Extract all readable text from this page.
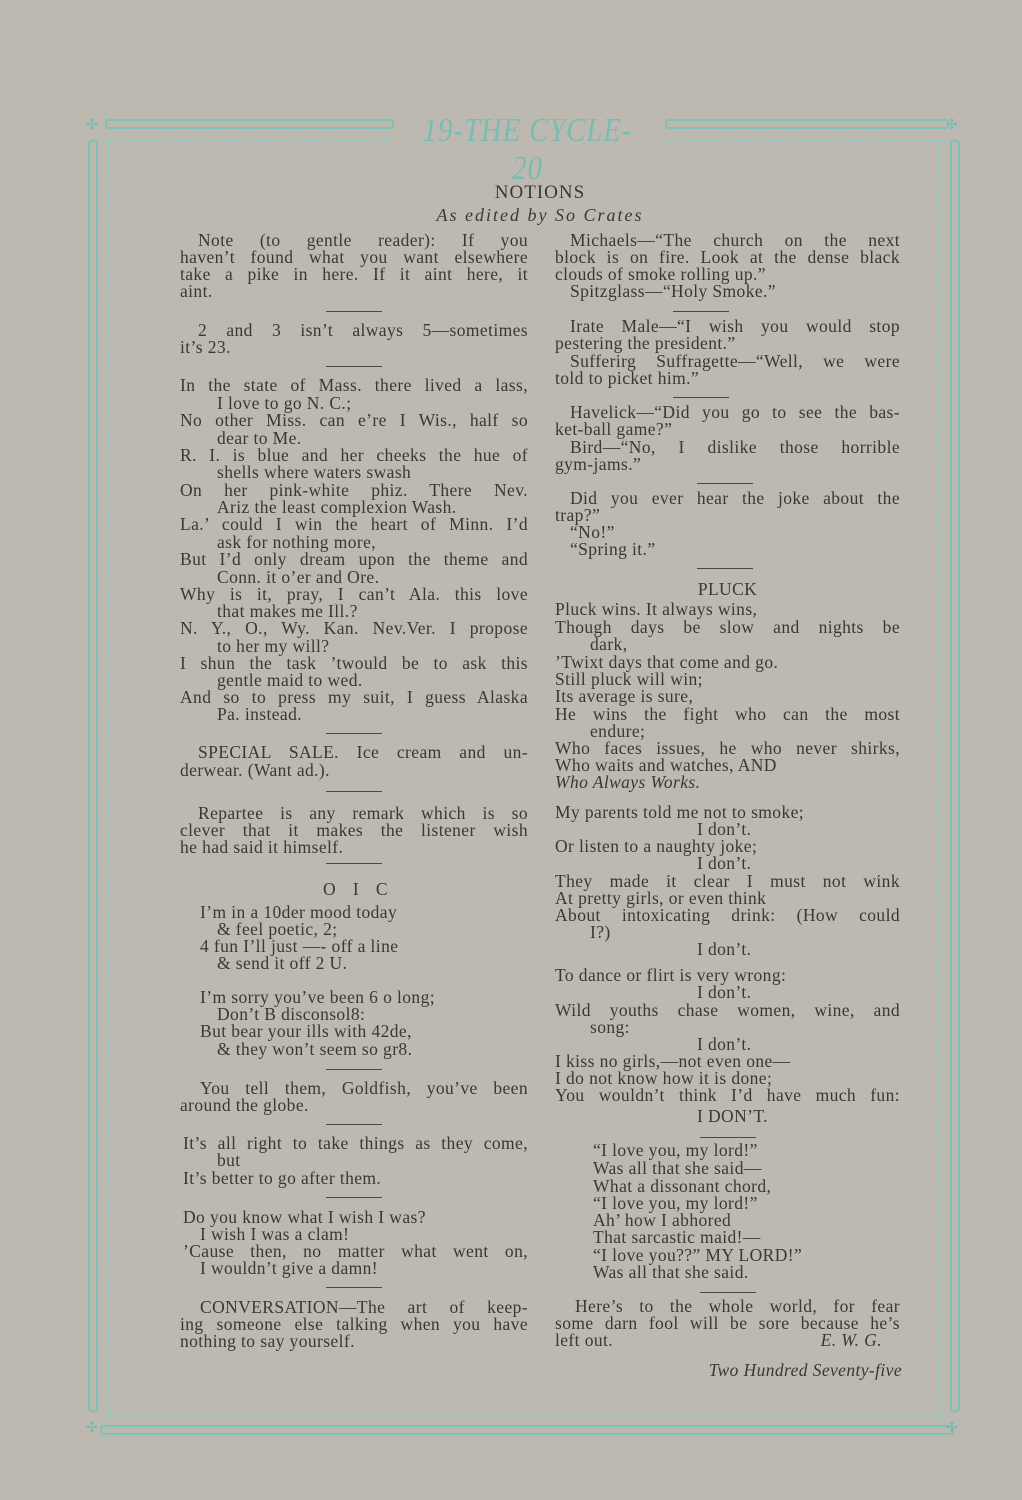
✣	✣
✣	✣
19-THE CYCLE-20
NOTIONS
As edited by So Crates
Two Hundred Seventy-five
Note (to gentle reader): If you
haven’t found what you want elsewhere
take a pike in here. If it aint here, it
aint.
2 and 3 isn’t always 5—sometimes
it’s 23.
In the state of Mass. there lived a lass,
I love to go N. C.;
No other Miss. can e’re I Wis., half so
dear to Me.
R. I. is blue and her cheeks the hue of
shells where waters swash
On her pink-white phiz. There Nev.
Ariz the least complexion Wash.
La.’ could I win the heart of Minn. I’d
ask for nothing more,
But I’d only dream upon the theme and
Conn. it o’er and Ore.
Why is it, pray, I can’t Ala. this love
that makes me Ill.?
N. Y., O., Wy. Kan. Nev.Ver. I propose
to her my will?
I shun the task ’twould be to ask this
gentle maid to wed.
And so to press my suit, I guess Alaska
Pa. instead.
SPECIAL SALE. Ice cream and un-
derwear. (Want ad.).
Repartee is any remark which is so
clever that it makes the listener wish
he had said it himself.
O I C
I’m in a 10der mood today
& feel poetic, 2;
4 fun I’ll just —- off a line
& send it off 2 U.
I’m sorry you’ve been 6 o long;
Don’t B disconsol8:
But bear your ills with 42de,
& they won’t seem so gr8.
You tell them, Goldfish, you’ve been
around the globe.
It’s all right to take things as they come,
but
It’s better to go after them.
Do you know what I wish I was?
I wish I was a clam!
’Cause then, no matter what went on,
I wouldn’t give a damn!
CONVERSATION—The art of keep-
ing someone else talking when you have
nothing to say yourself.
Michaels—“The church on the next
block is on fire. Look at the dense black
clouds of smoke rolling up.”
Spitzglass—“Holy Smoke.”
Irate Male—“I wish you would stop
pestering the president.”
Sufferirg Suffragette—“Well, we were
told to picket him.”
Havelick—“Did you go to see the bas-
ket-ball game?”
Bird—“No, I dislike those horrible
gym-jams.”
Did you ever hear the joke about the
trap?”
“No!”
“Spring it.”
PLUCK
Pluck wins. It always wins,
Though days be slow and nights be
dark,
’Twixt days that come and go.
Still pluck will win;
Its average is sure,
He wins the fight who can the most
endure;
Who faces issues, he who never shirks,
Who waits and watches, AND
Who Always Works.
My parents told me not to smoke;
I don’t.
Or listen to a naughty joke;
I don’t.
They made it clear I must not wink
At pretty girls, or even think
About intoxicating drink: (How could
I?)
I don’t.
To dance or flirt is very wrong:
I don’t.
Wild youths chase women, wine, and
song:
I don’t.
I kiss no girls,—not even one—
I do not know how it is done;
You wouldn’t think I’d have much fun:
I DON’T.
“I love you, my lord!”
Was all that she said—
What a dissonant chord,
“I love you, my lord!”
Ah’ how I abhored
That sarcastic maid!—
“I love you??” MY LORD!”
Was all that she said.
Here’s to the whole world, for fear
some darn fool will be sore because he’s
left out.	E. W. G.
